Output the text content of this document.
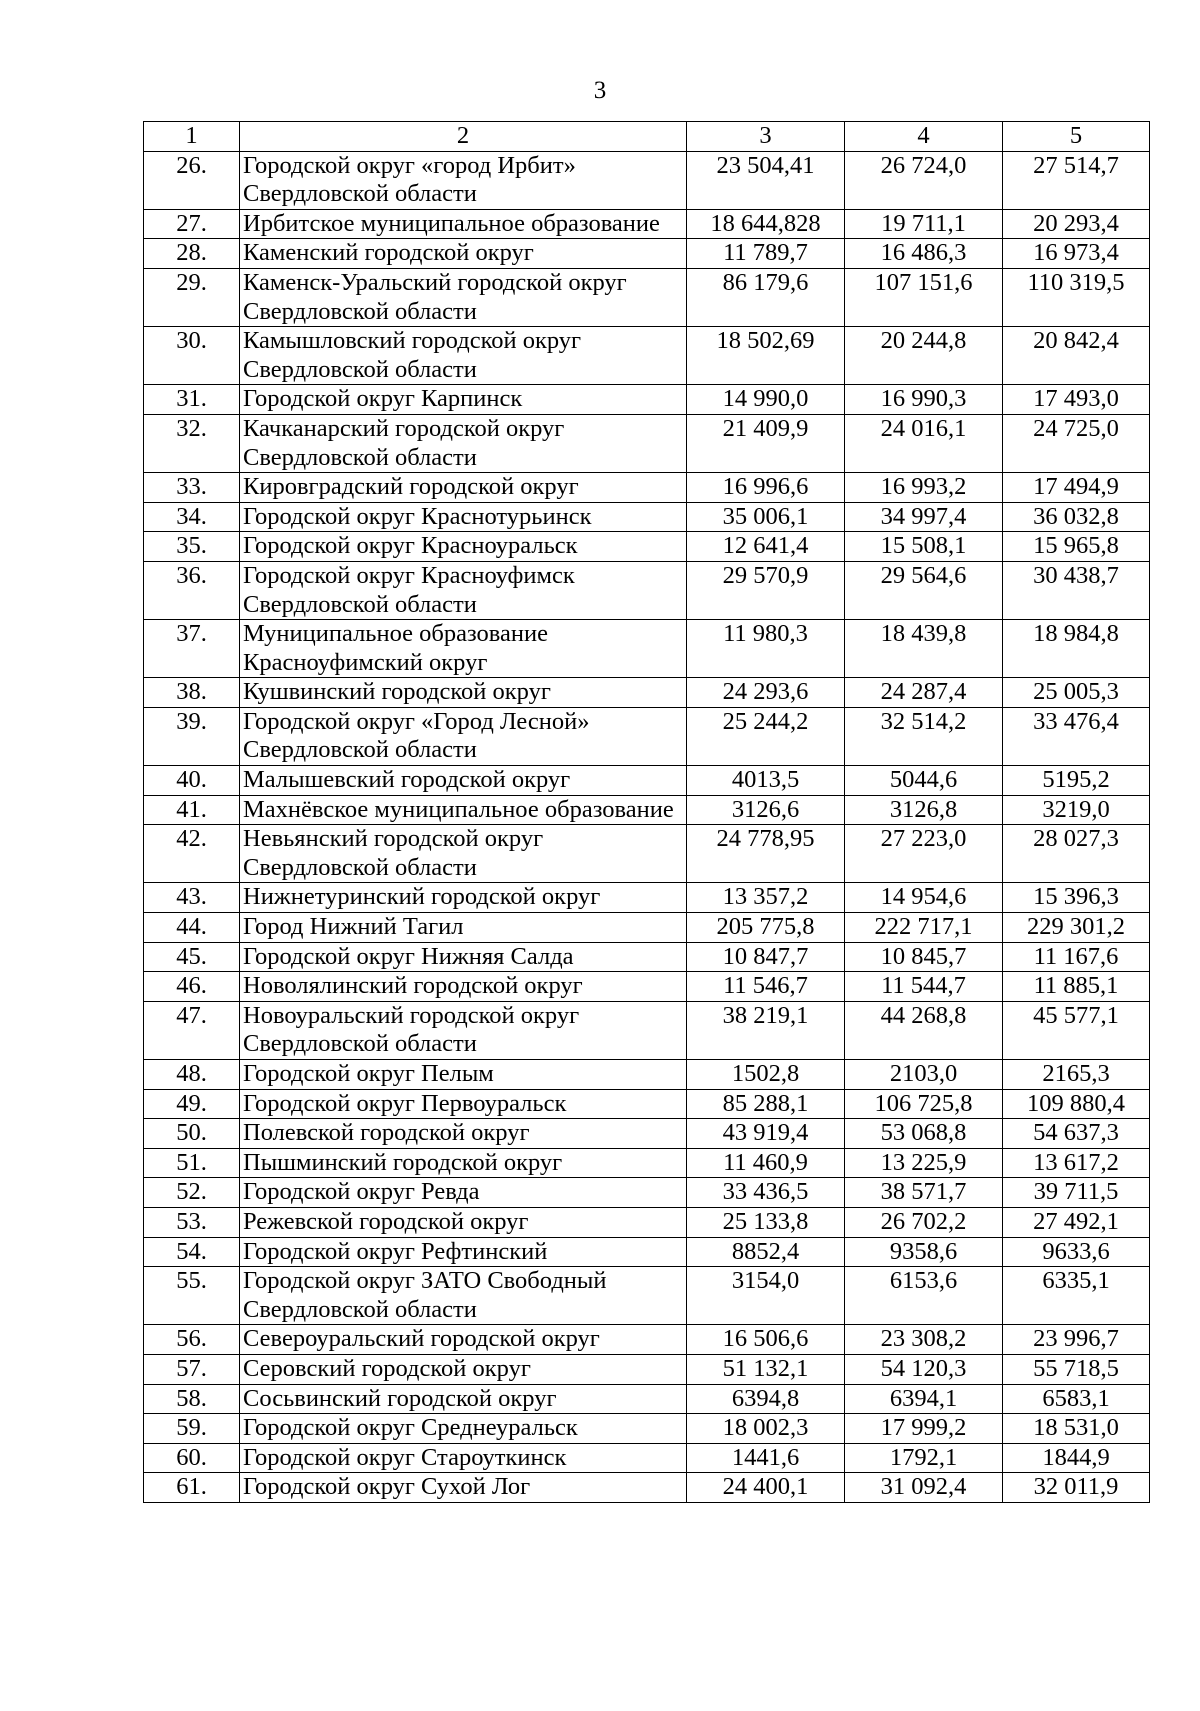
3
1	2	3	4	5
26.	Городской округ «город Ирбит» Свердловской области	23 504,41	26 724,0	27 514,7
27.	Ирбитское муниципальное образование	18 644,828	19 711,1	20 293,4
28.	Каменский городской округ	11 789,7	16 486,3	16 973,4
29.	Каменск-Уральский городской округ Свердловской области	86 179,6	107 151,6	110 319,5
30.	Камышловский городской округ Свердловской области	18 502,69	20 244,8	20 842,4
31.	Городской округ Карпинск	14 990,0	16 990,3	17 493,0
32.	Качканарский городской округ Свердловской области	21 409,9	24 016,1	24 725,0
33.	Кировградский городской округ	16 996,6	16 993,2	17 494,9
34.	Городской округ Краснотурьинск	35 006,1	34 997,4	36 032,8
35.	Городской округ Красноуральск	12 641,4	15 508,1	15 965,8
36.	Городской округ Красноуфимск Свердловской области	29 570,9	29 564,6	30 438,7
37.	Муниципальное образование Красноуфимский округ	11 980,3	18 439,8	18 984,8
38.	Кушвинский городской округ	24 293,6	24 287,4	25 005,3
39.	Городской округ «Город Лесной» Свердловской области	25 244,2	32 514,2	33 476,4
40.	Малышевский городской округ	4013,5	5044,6	5195,2
41.	Махнёвское муниципальное образование	3126,6	3126,8	3219,0
42.	Невьянский городской округ Свердловской области	24 778,95	27 223,0	28 027,3
43.	Нижнетуринский городской округ	13 357,2	14 954,6	15 396,3
44.	Город Нижний Тагил	205 775,8	222 717,1	229 301,2
45.	Городской округ Нижняя Салда	10 847,7	10 845,7	11 167,6
46.	Новолялинский городской округ	11 546,7	11 544,7	11 885,1
47.	Новоуральский городской округ Свердловской области	38 219,1	44 268,8	45 577,1
48.	Городской округ Пелым	1502,8	2103,0	2165,3
49.	Городской округ Первоуральск	85 288,1	106 725,8	109 880,4
50.	Полевской городской округ	43 919,4	53 068,8	54 637,3
51.	Пышминский городской округ	11 460,9	13 225,9	13 617,2
52.	Городской округ Ревда	33 436,5	38 571,7	39 711,5
53.	Режевской городской округ	25 133,8	26 702,2	27 492,1
54.	Городской округ Рефтинский	8852,4	9358,6	9633,6
55.	Городской округ ЗАТО Свободный Свердловской области	3154,0	6153,6	6335,1
56.	Североуральский городской округ	16 506,6	23 308,2	23 996,7
57.	Серовский городской округ	51 132,1	54 120,3	55 718,5
58.	Сосьвинский городской округ	6394,8	6394,1	6583,1
59.	Городской округ Среднеуральск	18 002,3	17 999,2	18 531,0
60.	Городской округ Староуткинск	1441,6	1792,1	1844,9
61.	Городской округ Сухой Лог	24 400,1	31 092,4	32 011,9
